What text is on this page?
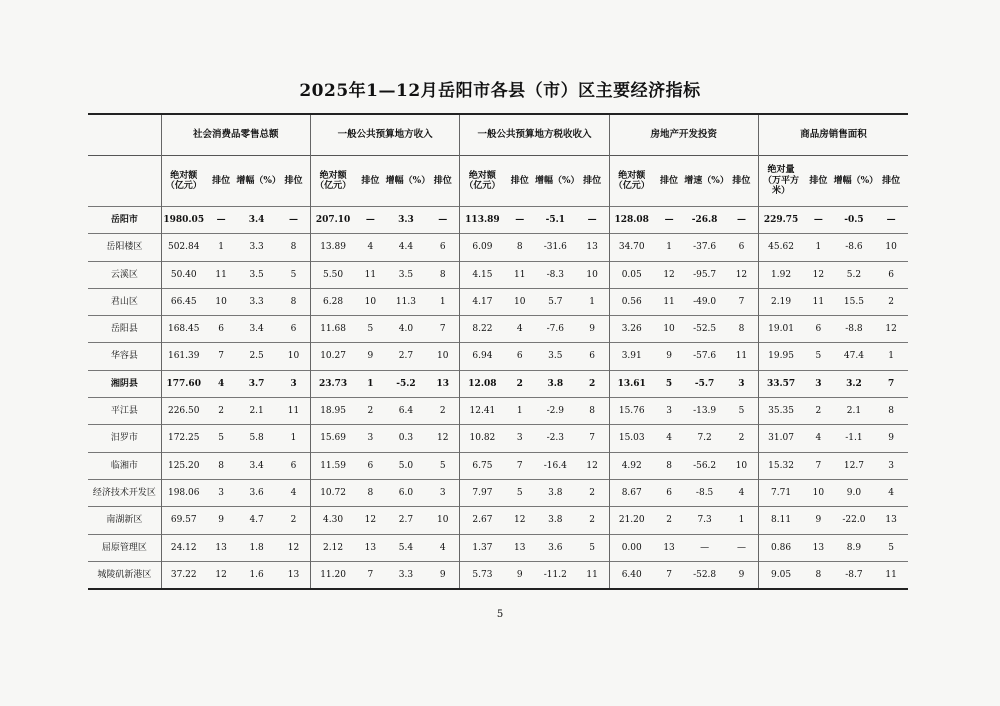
2025年1—12月岳阳市各县（市）区主要经济指标
	社会消费品零售总额				一般公共预算地方收入				一般公共预算地方税收收入				房地产开发投资				商品房销售面积			
	绝对额（亿元）	排位	增幅（%）	排位	绝对额（亿元）	排位	增幅（%）	排位	绝对额（亿元）	排位	增幅（%）	排位	绝对额（亿元）	排位	增速（%）	排位	绝对量（万平方米）	排位	增幅（%）	排位
岳阳市	1980.05	—	3.4	—	207.10	—	3.3	—	113.89	—	-5.1	—	128.08	—	-26.8	—	229.75	—	-0.5	—
岳阳楼区	502.84	1	3.3	8	13.89	4	4.4	6	6.09	8	-31.6	13	34.70	1	-37.6	6	45.62	1	-8.6	10
云溪区	50.40	11	3.5	5	5.50	11	3.5	8	4.15	11	-8.3	10	0.05	12	-95.7	12	1.92	12	5.2	6
君山区	66.45	10	3.3	8	6.28	10	11.3	1	4.17	10	5.7	1	0.56	11	-49.0	7	2.19	11	15.5	2
岳阳县	168.45	6	3.4	6	11.68	5	4.0	7	8.22	4	-7.6	9	3.26	10	-52.5	8	19.01	6	-8.8	12
华容县	161.39	7	2.5	10	10.27	9	2.7	10	6.94	6	3.5	6	3.91	9	-57.6	11	19.95	5	47.4	1
湘阴县	177.60	4	3.7	3	23.73	1	-5.2	13	12.08	2	3.8	2	13.61	5	-5.7	3	33.57	3	3.2	7
平江县	226.50	2	2.1	11	18.95	2	6.4	2	12.41	1	-2.9	8	15.76	3	-13.9	5	35.35	2	2.1	8
汨罗市	172.25	5	5.8	1	15.69	3	0.3	12	10.82	3	-2.3	7	15.03	4	7.2	2	31.07	4	-1.1	9
临湘市	125.20	8	3.4	6	11.59	6	5.0	5	6.75	7	-16.4	12	4.92	8	-56.2	10	15.32	7	12.7	3
经济技术开发区	198.06	3	3.6	4	10.72	8	6.0	3	7.97	5	3.8	2	8.67	6	-8.5	4	7.71	10	9.0	4
南湖新区	69.57	9	4.7	2	4.30	12	2.7	10	2.67	12	3.8	2	21.20	2	7.3	1	8.11	9	-22.0	13
屈原管理区	24.12	13	1.8	12	2.12	13	5.4	4	1.37	13	3.6	5	0.00	13	—	—	0.86	13	8.9	5
城陵矶新港区	37.22	12	1.6	13	11.20	7	3.3	9	5.73	9	-11.2	11	6.40	7	-52.8	9	9.05	8	-8.7	11
5
